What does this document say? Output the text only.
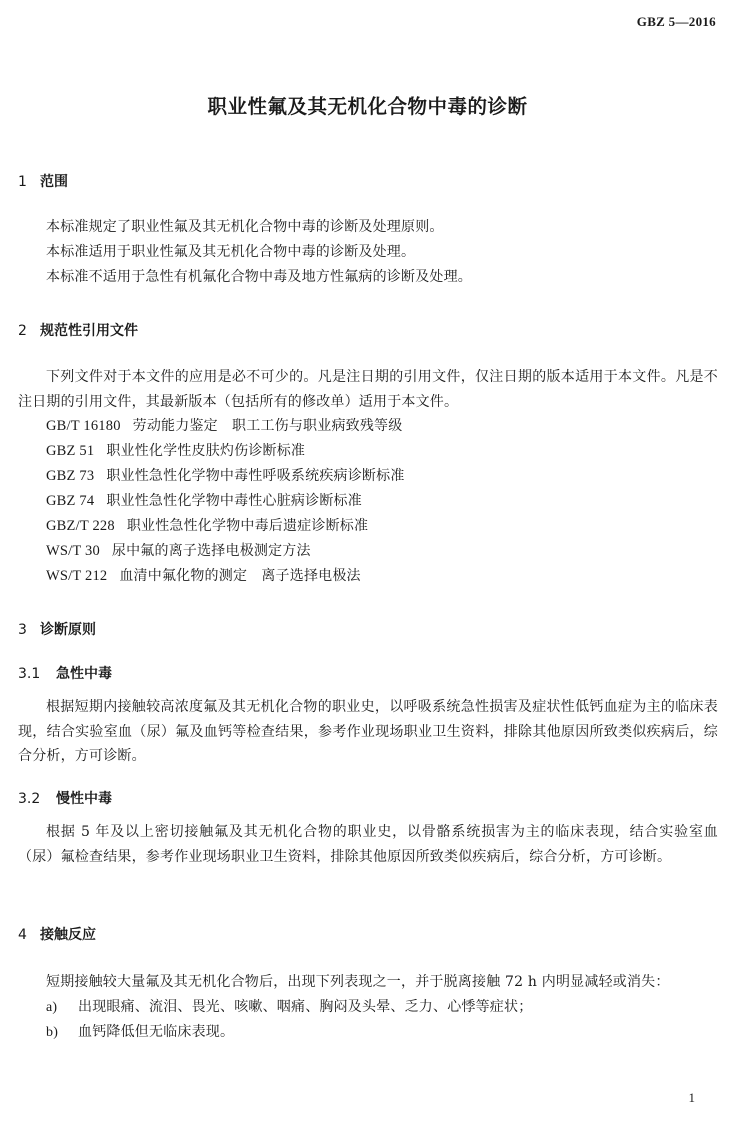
GBZ 5—2016
职业性氟及其无机化合物中毒的诊断
1 范围
本标准规定了职业性氟及其无机化合物中毒的诊断及处理原则。
本标准适用于职业性氟及其无机化合物中毒的诊断及处理。
本标准不适用于急性有机氟化合物中毒及地方性氟病的诊断及处理。
2 规范性引用文件
下列文件对于本文件的应用是必不可少的。凡是注日期的引用文件，仅注日期的版本适用于本文件。凡是不注日期的引用文件，其最新版本（包括所有的修改单）适用于本文件。
GB/T 16180 劳动能力鉴定　职工工伤与职业病致残等级
GBZ 51 职业性化学性皮肤灼伤诊断标准
GBZ 73 职业性急性化学物中毒性呼吸系统疾病诊断标准
GBZ 74 职业性急性化学物中毒性心脏病诊断标准
GBZ/T 228 职业性急性化学物中毒后遗症诊断标准
WS/T 30 尿中氟的离子选择电极测定方法
WS/T 212 血清中氟化物的测定　离子选择电极法
3 诊断原则
3.1 急性中毒
根据短期内接触较高浓度氟及其无机化合物的职业史，以呼吸系统急性损害及症状性低钙血症为主的临床表现，结合实验室血（尿）氟及血钙等检查结果，参考作业现场职业卫生资料，排除其他原因所致类似疾病后，综合分析，方可诊断。
3.2 慢性中毒
根据 5 年及以上密切接触氟及其无机化合物的职业史，以骨骼系统损害为主的临床表现，结合实验室血（尿）氟检查结果，参考作业现场职业卫生资料，排除其他原因所致类似疾病后，综合分析，方可诊断。
4 接触反应
短期接触较大量氟及其无机化合物后，出现下列表现之一，并于脱离接触 72 h 内明显减轻或消失：
a) 出现眼痛、流泪、畏光、咳嗽、咽痛、胸闷及头晕、乏力、心悸等症状；
b) 血钙降低但无临床表现。
1
